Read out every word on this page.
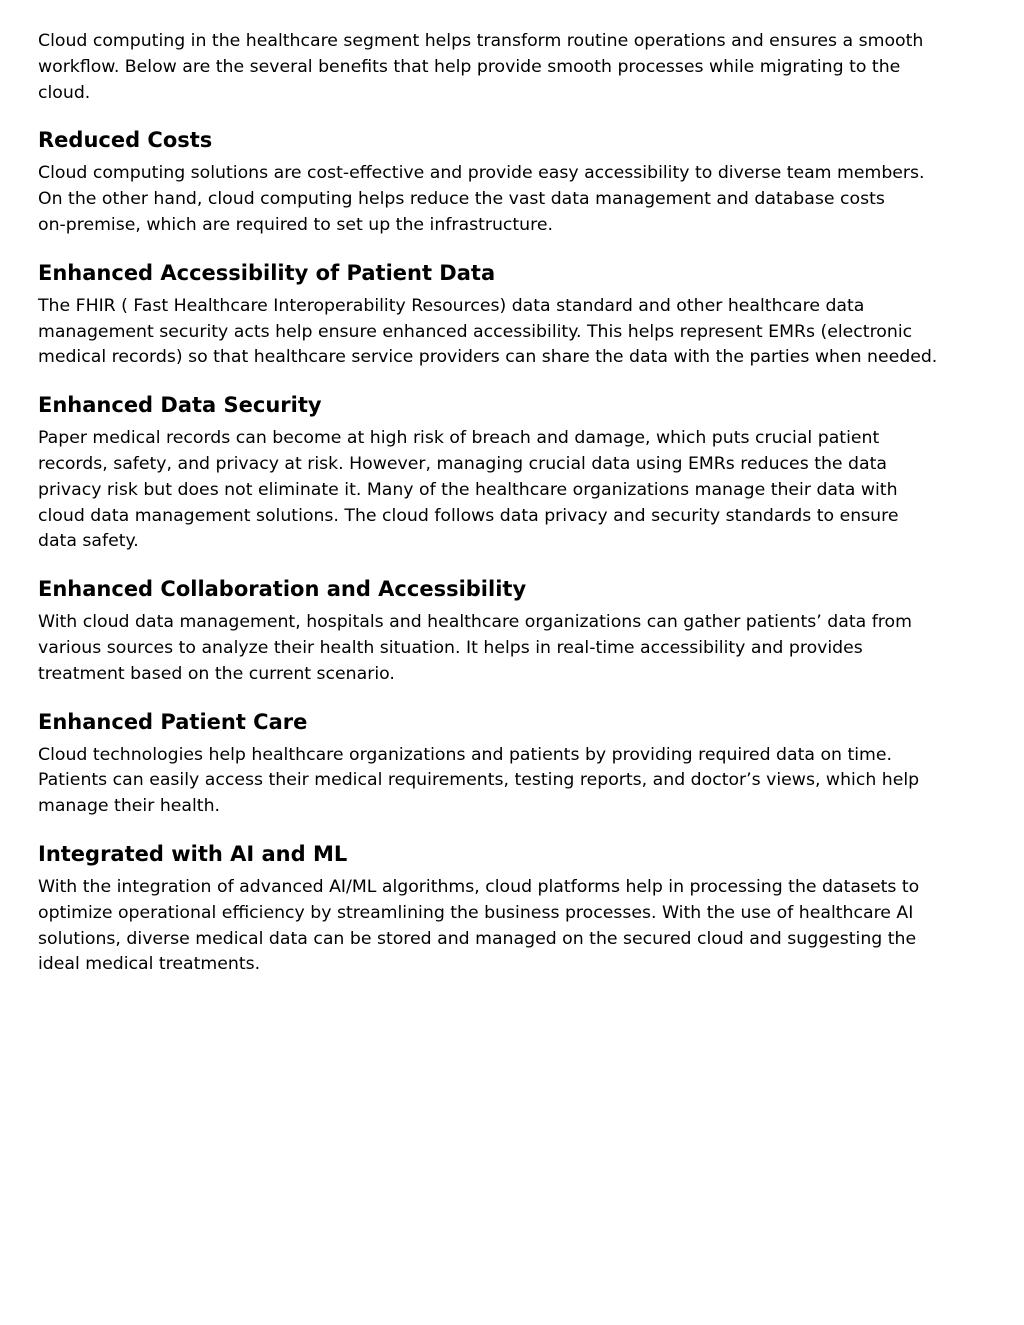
Cloud computing in the healthcare segment helps transform routine operations and ensures a smooth
workflow. Below are the several benefits that help provide smooth processes while migrating to the
cloud.

Reduced Costs

Cloud computing solutions are cost-effective and provide easy accessibility to diverse team members.
On the other hand, cloud computing helps reduce the vast data management and database costs
on-premise, which are required to set up the infrastructure.

Enhanced Accessibility of Patient Data

The FHIR ( Fast Healthcare Interoperability Resources) data standard and other healthcare data
management security acts help ensure enhanced accessibility. This helps represent EMRs (electronic
medical records) so that healthcare service providers can share the data with the parties when needed.

Enhanced Data Security

Paper medical records can become at high risk of breach and damage, which puts crucial patient
records, safety, and privacy at risk. However, managing crucial data using EMRs reduces the data
privacy risk but does not eliminate it. Many of the healthcare organizations manage their data with
cloud data management solutions. The cloud follows data privacy and security standards to ensure
data safety.

Enhanced Collaboration and Accessibility

With cloud data management, hospitals and healthcare organizations can gather patients’ data from
various sources to analyze their health situation. It helps in real-time accessibility and provides
treatment based on the current scenario.

Enhanced Patient Care

Cloud technologies help healthcare organizations and patients by providing required data on time.
Patients can easily access their medical requirements, testing reports, and doctor’s views, which help
manage their health.

Integrated with AI and ML

With the integration of advanced AI/ML algorithms, cloud platforms help in processing the datasets to
optimize operational efficiency by streamlining the business processes. With the use of healthcare AI
solutions, diverse medical data can be stored and managed on the secured cloud and suggesting the
ideal medical treatments.
